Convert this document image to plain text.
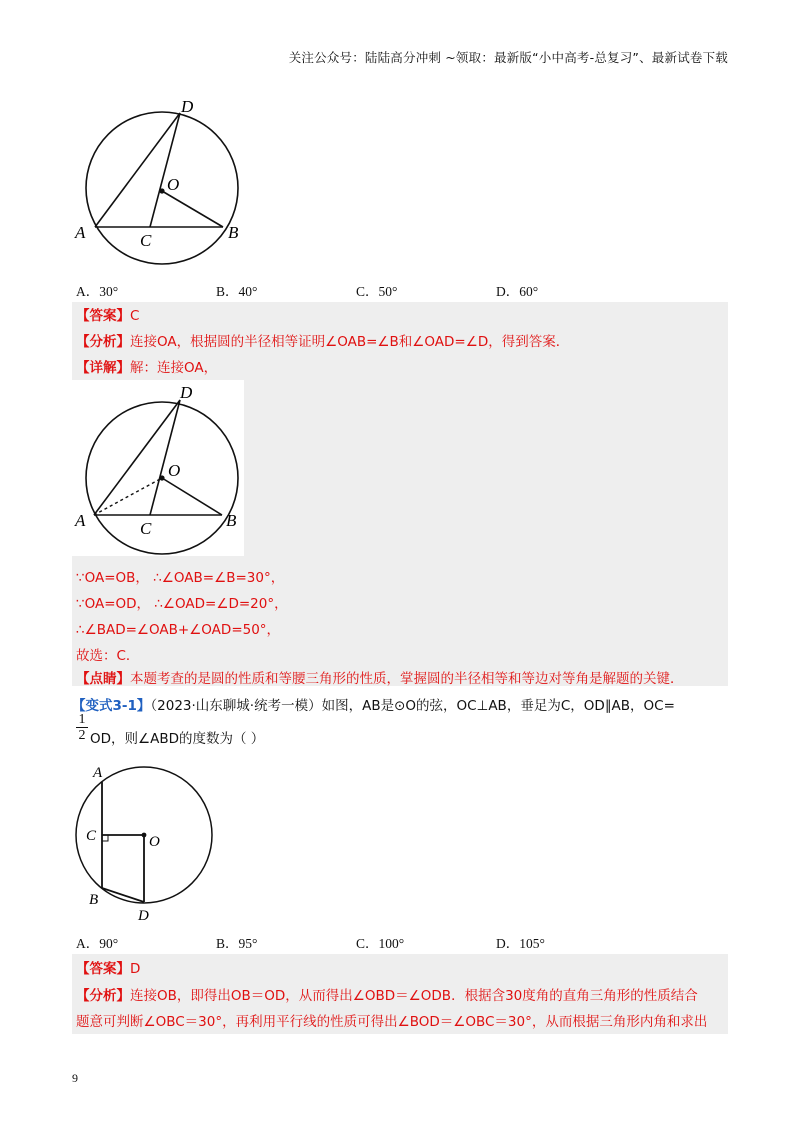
关注公众号：陆陆高分冲刺 ~领取：最新版“小中高考-总复习”、最新试卷下载
D
O
A	C	B
A．30°	B．40°	C．50°	D．60°
【答案】C
【分析】连接OA，根据圆的半径相等证明∠OAB=∠B和∠OAD=∠D，得到答案．
【详解】解：连接OA，
D
O
A	C	B
∵OA=OB， ∴∠OAB=∠B=30°，
∵OA=OD， ∴∠OAD=∠D=20°，
∴∠BAD=∠OAB+∠OAD=50°，
故选：C．
【点睛】本题考查的是圆的性质和等腰三角形的性质，掌握圆的半径相等和等边对等角是解题的关键．
【变式3-1】（2023·山东聊城·统考一模）如图，AB是⊙O的弦，OC⊥AB，垂足为C，OD∥AB，OC=
$\frac{1}{2}$ OD，则∠ABD的度数为（ ）
A
C	O
B
D
A．90°	B．95°	C．100°	D．105°
【答案】D
【分析】连接OB，即得出OB＝OD，从而得出∠OBD＝∠ODB．根据含30度角的直角三角形的性质结合
题意可判断∠OBC＝30°，再利用平行线的性质可得出∠BOD＝∠OBC＝30°，从而根据三角形内角和求出
9
